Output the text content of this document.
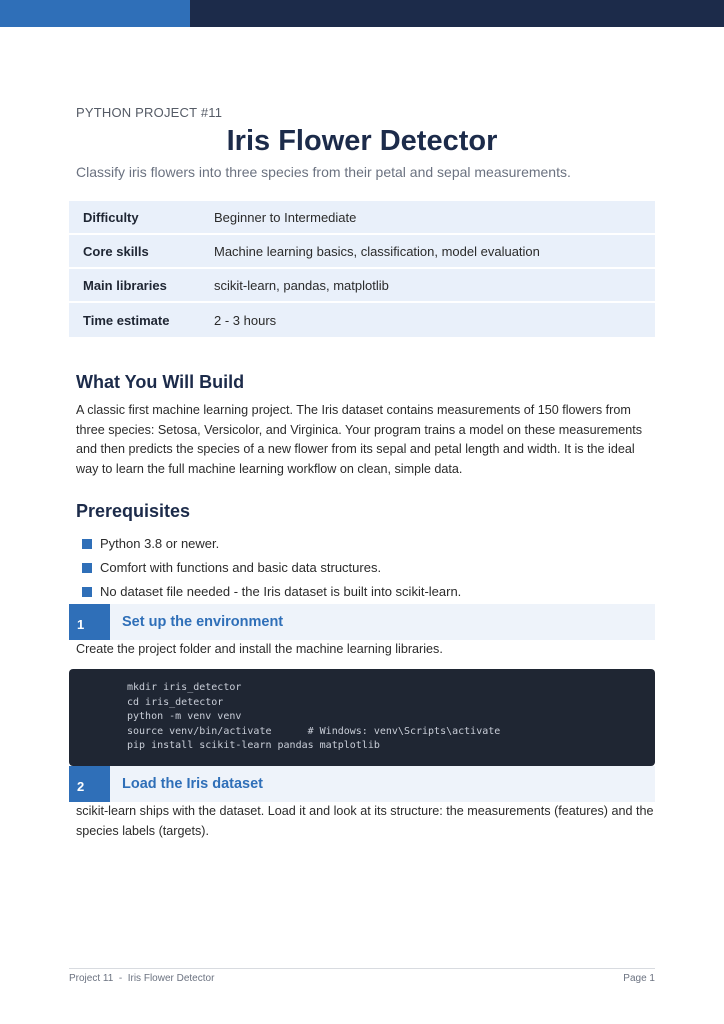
PYTHON PROJECT #11
Iris Flower Detector
Classify iris flowers into three species from their petal and sepal measurements.
Difficulty	Beginner to Intermediate
Core skills	Machine learning basics, classification, model evaluation
Main libraries	scikit-learn, pandas, matplotlib
Time estimate	2 - 3 hours
What You Will Build
A classic first machine learning project. The Iris dataset contains measurements of 150 flowers from three species: Setosa, Versicolor, and Virginica. Your program trains a model on these measurements and then predicts the species of a new flower from its sepal and petal length and width. It is the ideal way to learn the full machine learning workflow on clean, simple data.
Prerequisites
Python 3.8 or newer.
Comfort with functions and basic data structures.
No dataset file needed - the Iris dataset is built into scikit-learn.
1	Set up the environment
Create the project folder and install the machine learning libraries.
mkdir iris_detector
cd iris_detector
python -m venv venv
source venv/bin/activate      # Windows: venv\Scripts\activate
pip install scikit-learn pandas matplotlib
2	Load the Iris dataset
scikit-learn ships with the dataset. Load it and look at its structure: the measurements (features) and the species labels (targets).
Project 11  -  Iris Flower Detector	Page 1
